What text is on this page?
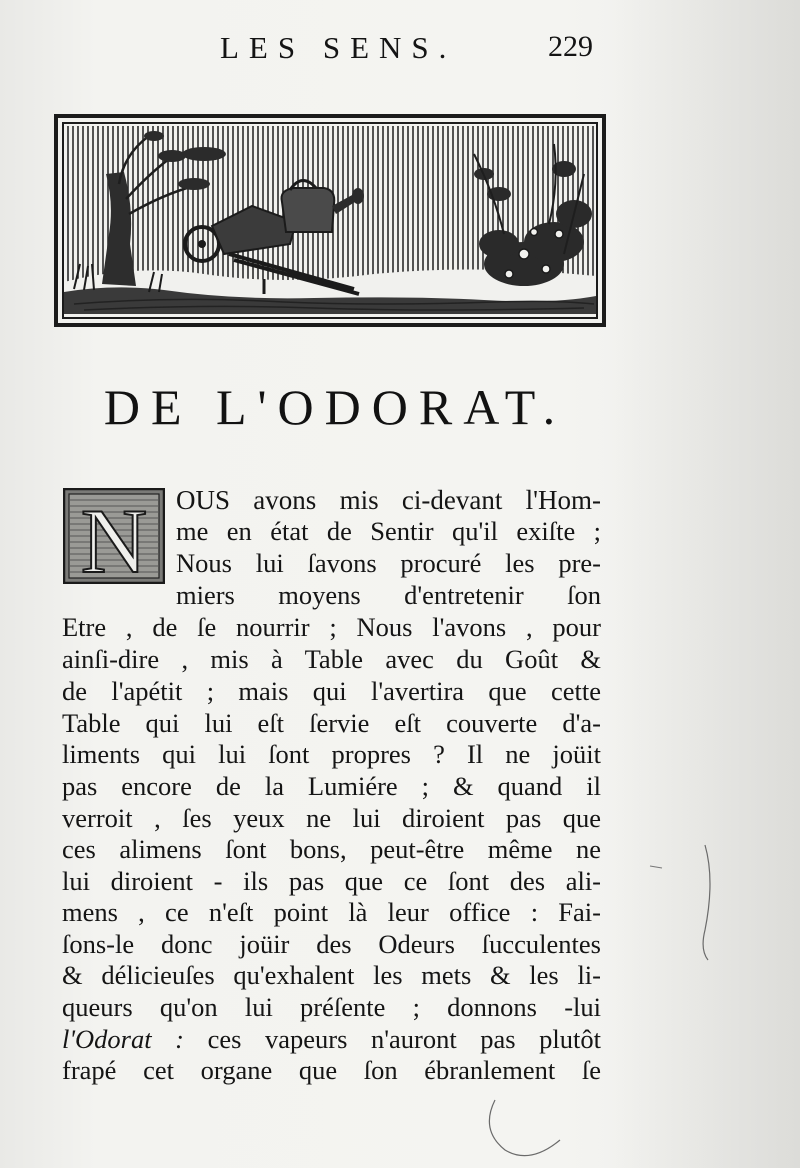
LES SENS.	229
DE L'ODORAT.
N OUS avons mis ci-devant l'Hom-
me en état de Sentir qu'il exiſte ;
Nous lui ſavons procuré les pre-
miers moyens d'entretenir ſon
Etre , de ſe nourrir ; Nous l'avons , pour
ainſi-dire , mis à Table avec du Goût &
de l'apétit ; mais qui l'avertira que cette
Table qui lui eſt ſervie eſt couverte d'a-
liments qui lui ſont propres ? Il ne joüit
pas encore de la Lumiére ; & quand il
verroit , ſes yeux ne lui diroient pas que
ces alimens ſont bons, peut-être même ne
lui diroient - ils pas que ce ſont des ali-
mens , ce n'eſt point là leur office : Fai-
ſons-le donc joüir des Odeurs ſucculentes
& délicieuſes qu'exhalent les mets & les li-
queurs qu'on lui préſente ; donnons -lui
l'Odorat : ces vapeurs n'auront pas plutôt
frapé cet organe que ſon ébranlement ſe
